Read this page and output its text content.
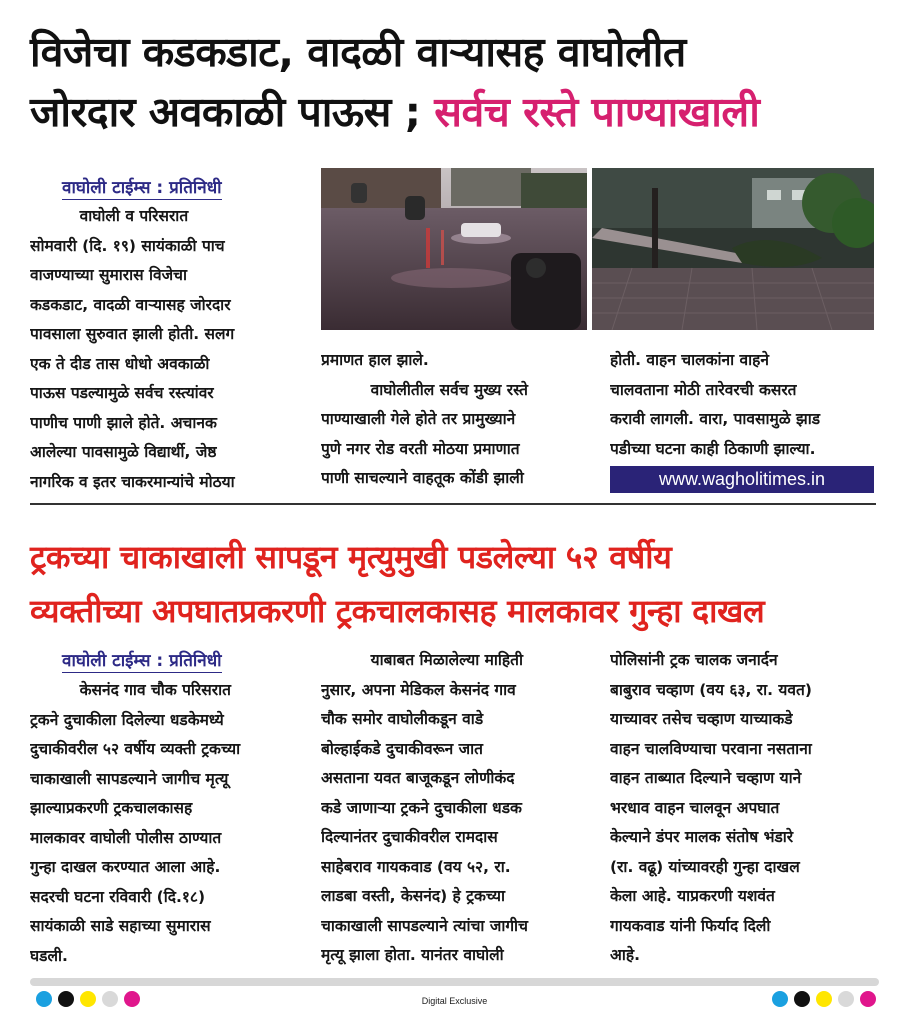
विजेचा कडकडाट, वादळी वाऱ्यासह वाघोलीत
जोरदार अवकाळी पाऊस ; सर्वच रस्ते पाण्याखाली
वाघोली टाईम्स : प्रतिनिधी
वाघोली व परिसरात
सोमवारी (दि. १९) सायंकाळी पाच
वाजण्याच्या सुमारास विजेचा
कडकडाट, वादळी वाऱ्यासह जोरदार
पावसाला सुरुवात झाली होती. सलग
एक ते दीड तास धोधो अवकाळी
पाऊस पडल्यामुळे सर्वच रस्त्यांवर
पाणीच पाणी झाले होते. अचानक
आलेल्या पावसामुळे विद्यार्थी, जेष्ठ
नागरिक व इतर चाकरमान्यांचे मोठया
प्रमाणत हाल झाले.
वाघोलीतील सर्वच मुख्य रस्ते
पाण्याखाली गेले होते तर प्रामुख्याने
पुणे नगर रोड वरती मोठया प्रमाणात
पाणी साचल्याने वाहतूक कोंडी झाली
होती. वाहन चालकांना वाहने
चालवताना मोठी तारेवरची कसरत
करावी लागली. वारा, पावसामुळे झाड
पडीच्या घटना काही ठिकाणी झाल्या.
www.wagholitimes.in
ट्रकच्या चाकाखाली सापडून मृत्युमुखी पडलेल्या ५२ वर्षीय
व्यक्तीच्या अपघातप्रकरणी ट्रकचालकासह मालकावर गुन्हा दाखल
वाघोली टाईम्स : प्रतिनिधी
केसनंद गाव चौक परिसरात
ट्रकने दुचाकीला दिलेल्या धडकेमध्ये
दुचाकीवरील ५२ वर्षीय व्यक्ती ट्रकच्या
चाकाखाली सापडल्याने जागीच मृत्यू
झाल्याप्रकरणी ट्रकचालकासह
मालकावर वाघोली पोलीस ठाण्यात
गुन्हा दाखल करण्यात आला आहे.
सदरची घटना रविवारी (दि.१८)
सायंकाळी साडे सहाच्या सुमारास
घडली.
याबाबत मिळालेल्या माहिती
नुसार, अपना मेडिकल केसनंद गाव
चौक समोर वाघोलीकडून वाडे
बोल्हाईकडे दुचाकीवरून जात
असताना यवत बाजूकडून लोणीकंद
कडे जाणाऱ्या ट्रकने दुचाकीला धडक
दिल्यानंतर दुचाकीवरील रामदास
साहेबराव गायकवाड (वय ५२, रा.
लाडबा वस्ती, केसनंद) हे ट्रकच्या
चाकाखाली सापडल्याने त्यांचा जागीच
मृत्यू झाला होता. यानंतर वाघोली
पोलिसांनी ट्रक चालक जनार्दन
बाबुराव चव्हाण (वय ६३, रा. यवत)
याच्यावर तसेच चव्हाण याच्याकडे
वाहन चालविण्याचा परवाना नसताना
वाहन ताब्यात दिल्याने चव्हाण याने
भरधाव वाहन चालवून अपघात
केल्याने डंपर मालक संतोष भंडारे
(रा. वढू) यांच्यावरही गुन्हा दाखल
केला आहे. याप्रकरणी यशवंत
गायकवाड यांनी फिर्याद दिली
आहे.
Digital Exclusive
